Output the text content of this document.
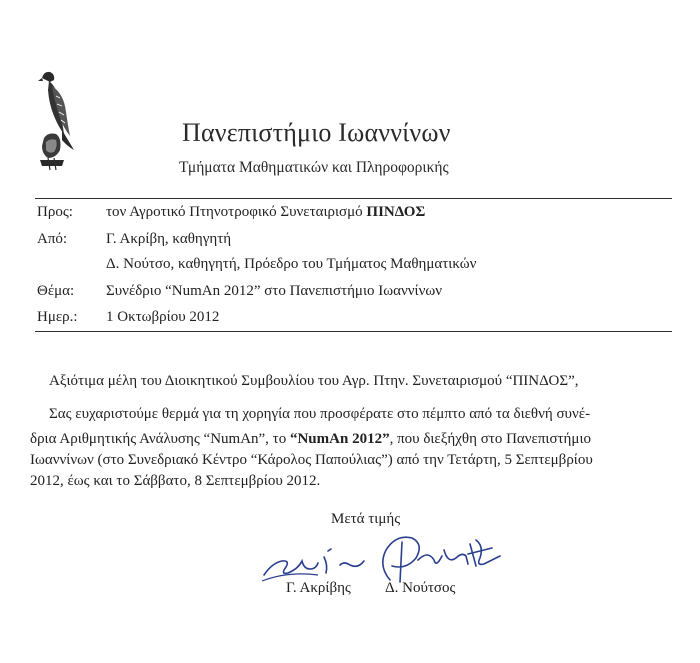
Πανεπιστήμιο Ιωαννίνων
Τμήματα Μαθηματικών και Πληροφορικής
Προς: τον Αγροτικό Πτηνοτροφικό Συνεταιρισμό ΠΙΝΔΟΣ
Από:	Γ. Ακρίβη, καθηγητή
Δ. Νούτσο, καθηγητή, Πρόεδρο του Τμήματος Μαθηματικών
Θέμα: Συνέδριο “NumAn 2012” στο Πανεπιστήμιο Ιωαννίνων
Ημερ.: 1 Οκτωβρίου 2012
Αξιότιμα μέλη του Διοικητικού Συμβουλίου του Αγρ. Πτην. Συνεταιρισμού “ΠΙΝΔΟΣ”,
Σας ευχαριστούμε θερμά για τη χορηγία που προσφέρατε στο πέμπτο από τα διεθνή συνέ-
δρια Αριθμητικής Ανάλυσης “NumAn”, το “NumAn 2012”, που διεξήχθη στο Πανεπιστήμιο
Ιωαννίνων (στο Συνεδριακό Κέντρο “Κάρολος Παπούλιας”) από την Τετάρτη, 5 Σεπτεμβρίου
2012, έως και το Σάββατο, 8 Σεπτεμβρίου 2012.
Μετά τιμής
Γ. Ακρίβης Δ. Νούτσος
